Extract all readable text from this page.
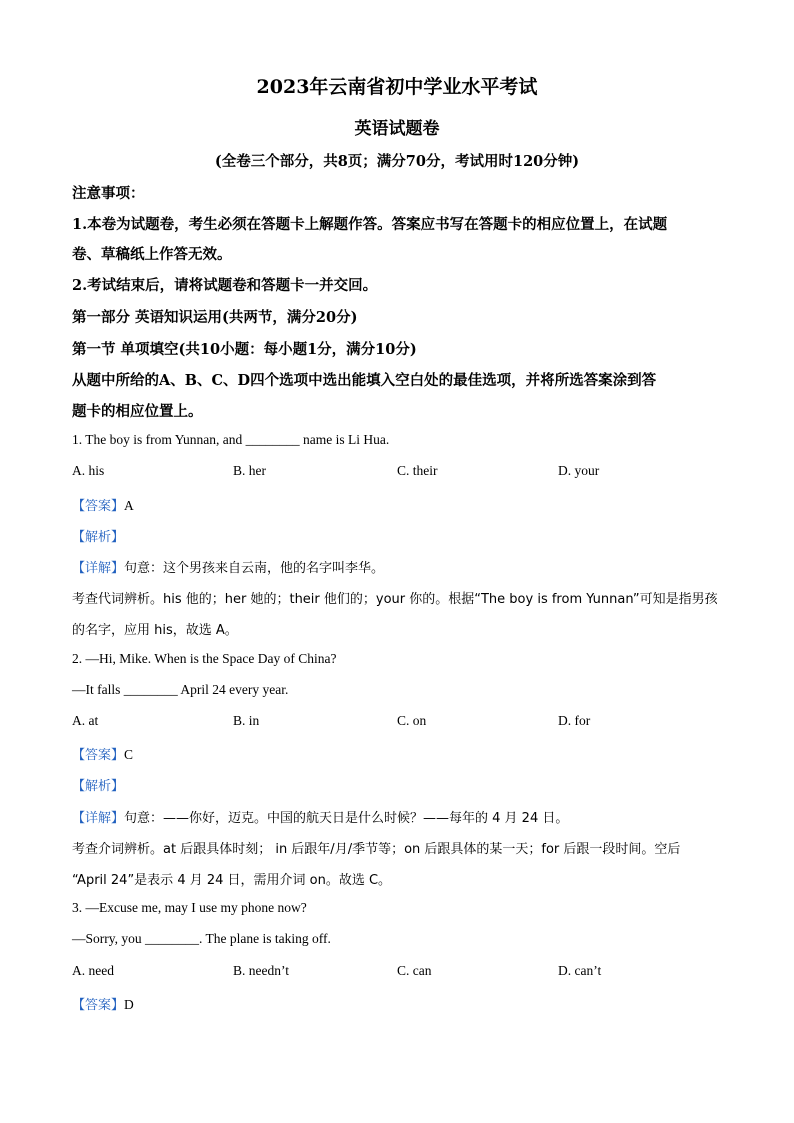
2023年云南省初中学业水平考试
英语试题卷
(全卷三个部分，共8页；满分70分，考试用时120分钟)
注意事项：
1.本卷为试题卷，考生必须在答题卡上解题作答。答案应书写在答题卡的相应位置上，在试题
卷、草稿纸上作答无效。
2.考试结束后，请将试题卷和答题卡一并交回。
第一部分 英语知识运用(共两节，满分20分)
第一节 单项填空(共10小题：每小题1分，满分10分)
从题中所给的A、B、C、D四个选项中选出能填入空白处的最佳选项，并将所选答案涂到答
题卡的相应位置上。
1. The boy is from Yunnan, and ________ name is Li Hua.
A. his	B. her	C. their	D. your
【答案】A
【解析】
【详解】句意：这个男孩来自云南，他的名字叫李华。
考查代词辨析。his 他的；her 她的；their 他们的；your 你的。根据“The boy is from Yunnan”可知是指男孩
的名字，应用 his，故选 A。
2. —Hi, Mike. When is the Space Day of China?
—It falls ________ April 24 every year.
A. at	B. in	C. on	D. for
【答案】C
【解析】
【详解】句意：——你好，迈克。中国的航天日是什么时候？——每年的 4 月 24 日。
考查介词辨析。at 后跟具体时刻； in 后跟年/月/季节等；on 后跟具体的某一天；for 后跟一段时间。空后
“April 24”是表示 4 月 24 日，需用介词 on。故选 C。
3. —Excuse me, may I use my phone now?
—Sorry, you ________. The plane is taking off.
A. need	B. needn’t	C. can	D. can’t
【答案】D
